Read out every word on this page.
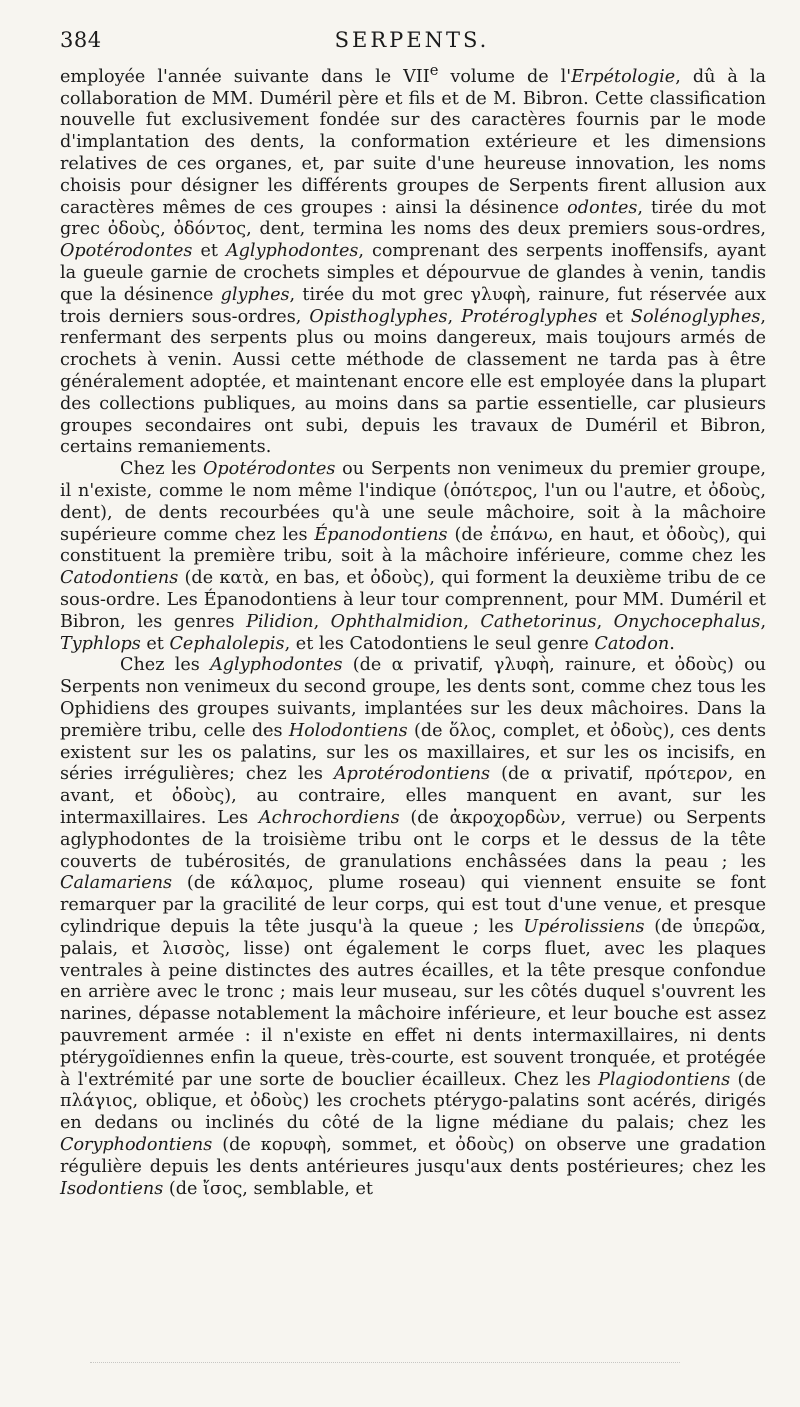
384	SERPENTS.

employée l'année suivante dans le VIIe volume de l'Erpétologie, dû à la collaboration de MM. Duméril père et fils et de M. Bibron. Cette classification nouvelle fut exclusivement fondée sur des caractères fournis par le mode d'implantation des dents, la conformation extérieure et les dimensions relatives de ces organes, et, par suite d'une heureuse innovation, les noms choisis pour désigner les différents groupes de Serpents firent allusion aux caractères mêmes de ces groupes : ainsi la désinence odontes, tirée du mot grec ὀδοὺς, ὀδόντος, dent, termina les noms des deux premiers sous-ordres, Opotérodontes et Aglyphodontes, comprenant des serpents inoffensifs, ayant la gueule garnie de crochets simples et dépourvue de glandes à venin, tandis que la désinence glyphes, tirée du mot grec γλυφὴ, rainure, fut réservée aux trois derniers sous-ordres, Opisthoglyphes, Protéroglyphes et Solénoglyphes, renfermant des serpents plus ou moins dangereux, mais toujours armés de crochets à venin. Aussi cette méthode de classement ne tarda pas à être généralement adoptée, et maintenant encore elle est employée dans la plupart des collections publiques, au moins dans sa partie essentielle, car plusieurs groupes secondaires ont subi, depuis les travaux de Duméril et Bibron, certains remaniements.

Chez les Opotérodontes ou Serpents non venimeux du premier groupe, il n'existe, comme le nom même l'indique (ὁπότερος, l'un ou l'autre, et ὀδοὺς, dent), de dents recourbées qu'à une seule mâchoire, soit à la mâchoire supérieure comme chez les Épanodontiens (de ἐπάνω, en haut, et ὀδοὺς), qui constituent la première tribu, soit à la mâchoire inférieure, comme chez les Catodontiens (de κατὰ, en bas, et ὀδοὺς), qui forment la deuxième tribu de ce sous-ordre. Les Épanodontiens à leur tour comprennent, pour MM. Duméril et Bibron, les genres Pilidion, Ophthalmidion, Cathetorinus, Onychocephalus, Typhlops et Cephalolepis, et les Catodontiens le seul genre Catodon.

Chez les Aglyphodontes (de α privatif, γλυφὴ, rainure, et ὀδοὺς) ou Serpents non venimeux du second groupe, les dents sont, comme chez tous les Ophidiens des groupes suivants, implantées sur les deux mâchoires. Dans la première tribu, celle des Holodontiens (de ὅλος, complet, et ὀδοὺς), ces dents existent sur les os palatins, sur les os maxillaires, et sur les os incisifs, en séries irrégulières; chez les Aprotérodontiens (de α privatif, πρότερον, en avant, et ὀδοὺς), au contraire, elles manquent en avant, sur les intermaxillaires. Les Achrochordiens (de ἀκροχορδὼν, verrue) ou Serpents aglyphodontes de la troisième tribu ont le corps et le dessus de la tête couverts de tubérosités, de granulations enchâssées dans la peau ; les Calamariens (de κάλαμος, plume roseau) qui viennent ensuite se font remarquer par la gracilité de leur corps, qui est tout d'une venue, et presque cylindrique depuis la tête jusqu'à la queue ; les Upérolissiens (de ὑπερῶα, palais, et λισσὸς, lisse) ont également le corps fluet, avec les plaques ventrales à peine distinctes des autres écailles, et la tête presque confondue en arrière avec le tronc ; mais leur museau, sur les côtés duquel s'ouvrent les narines, dépasse notablement la mâchoire inférieure, et leur bouche est assez pauvrement armée : il n'existe en effet ni dents intermaxillaires, ni dents ptérygoïdiennes enfin la queue, très-courte, est souvent tronquée, et protégée à l'extrémité par une sorte de bouclier écailleux. Chez les Plagiodontiens (de πλάγιος, oblique, et ὀδοὺς) les crochets ptérygo-palatins sont acérés, dirigés en dedans ou inclinés du côté de la ligne médiane du palais; chez les Coryphodontiens (de κορυφὴ, sommet, et ὀδοὺς) on observe une gradation régulière depuis les dents antérieures jusqu'aux dents postérieures; chez les Isodontiens (de ἴσος, semblable, et
